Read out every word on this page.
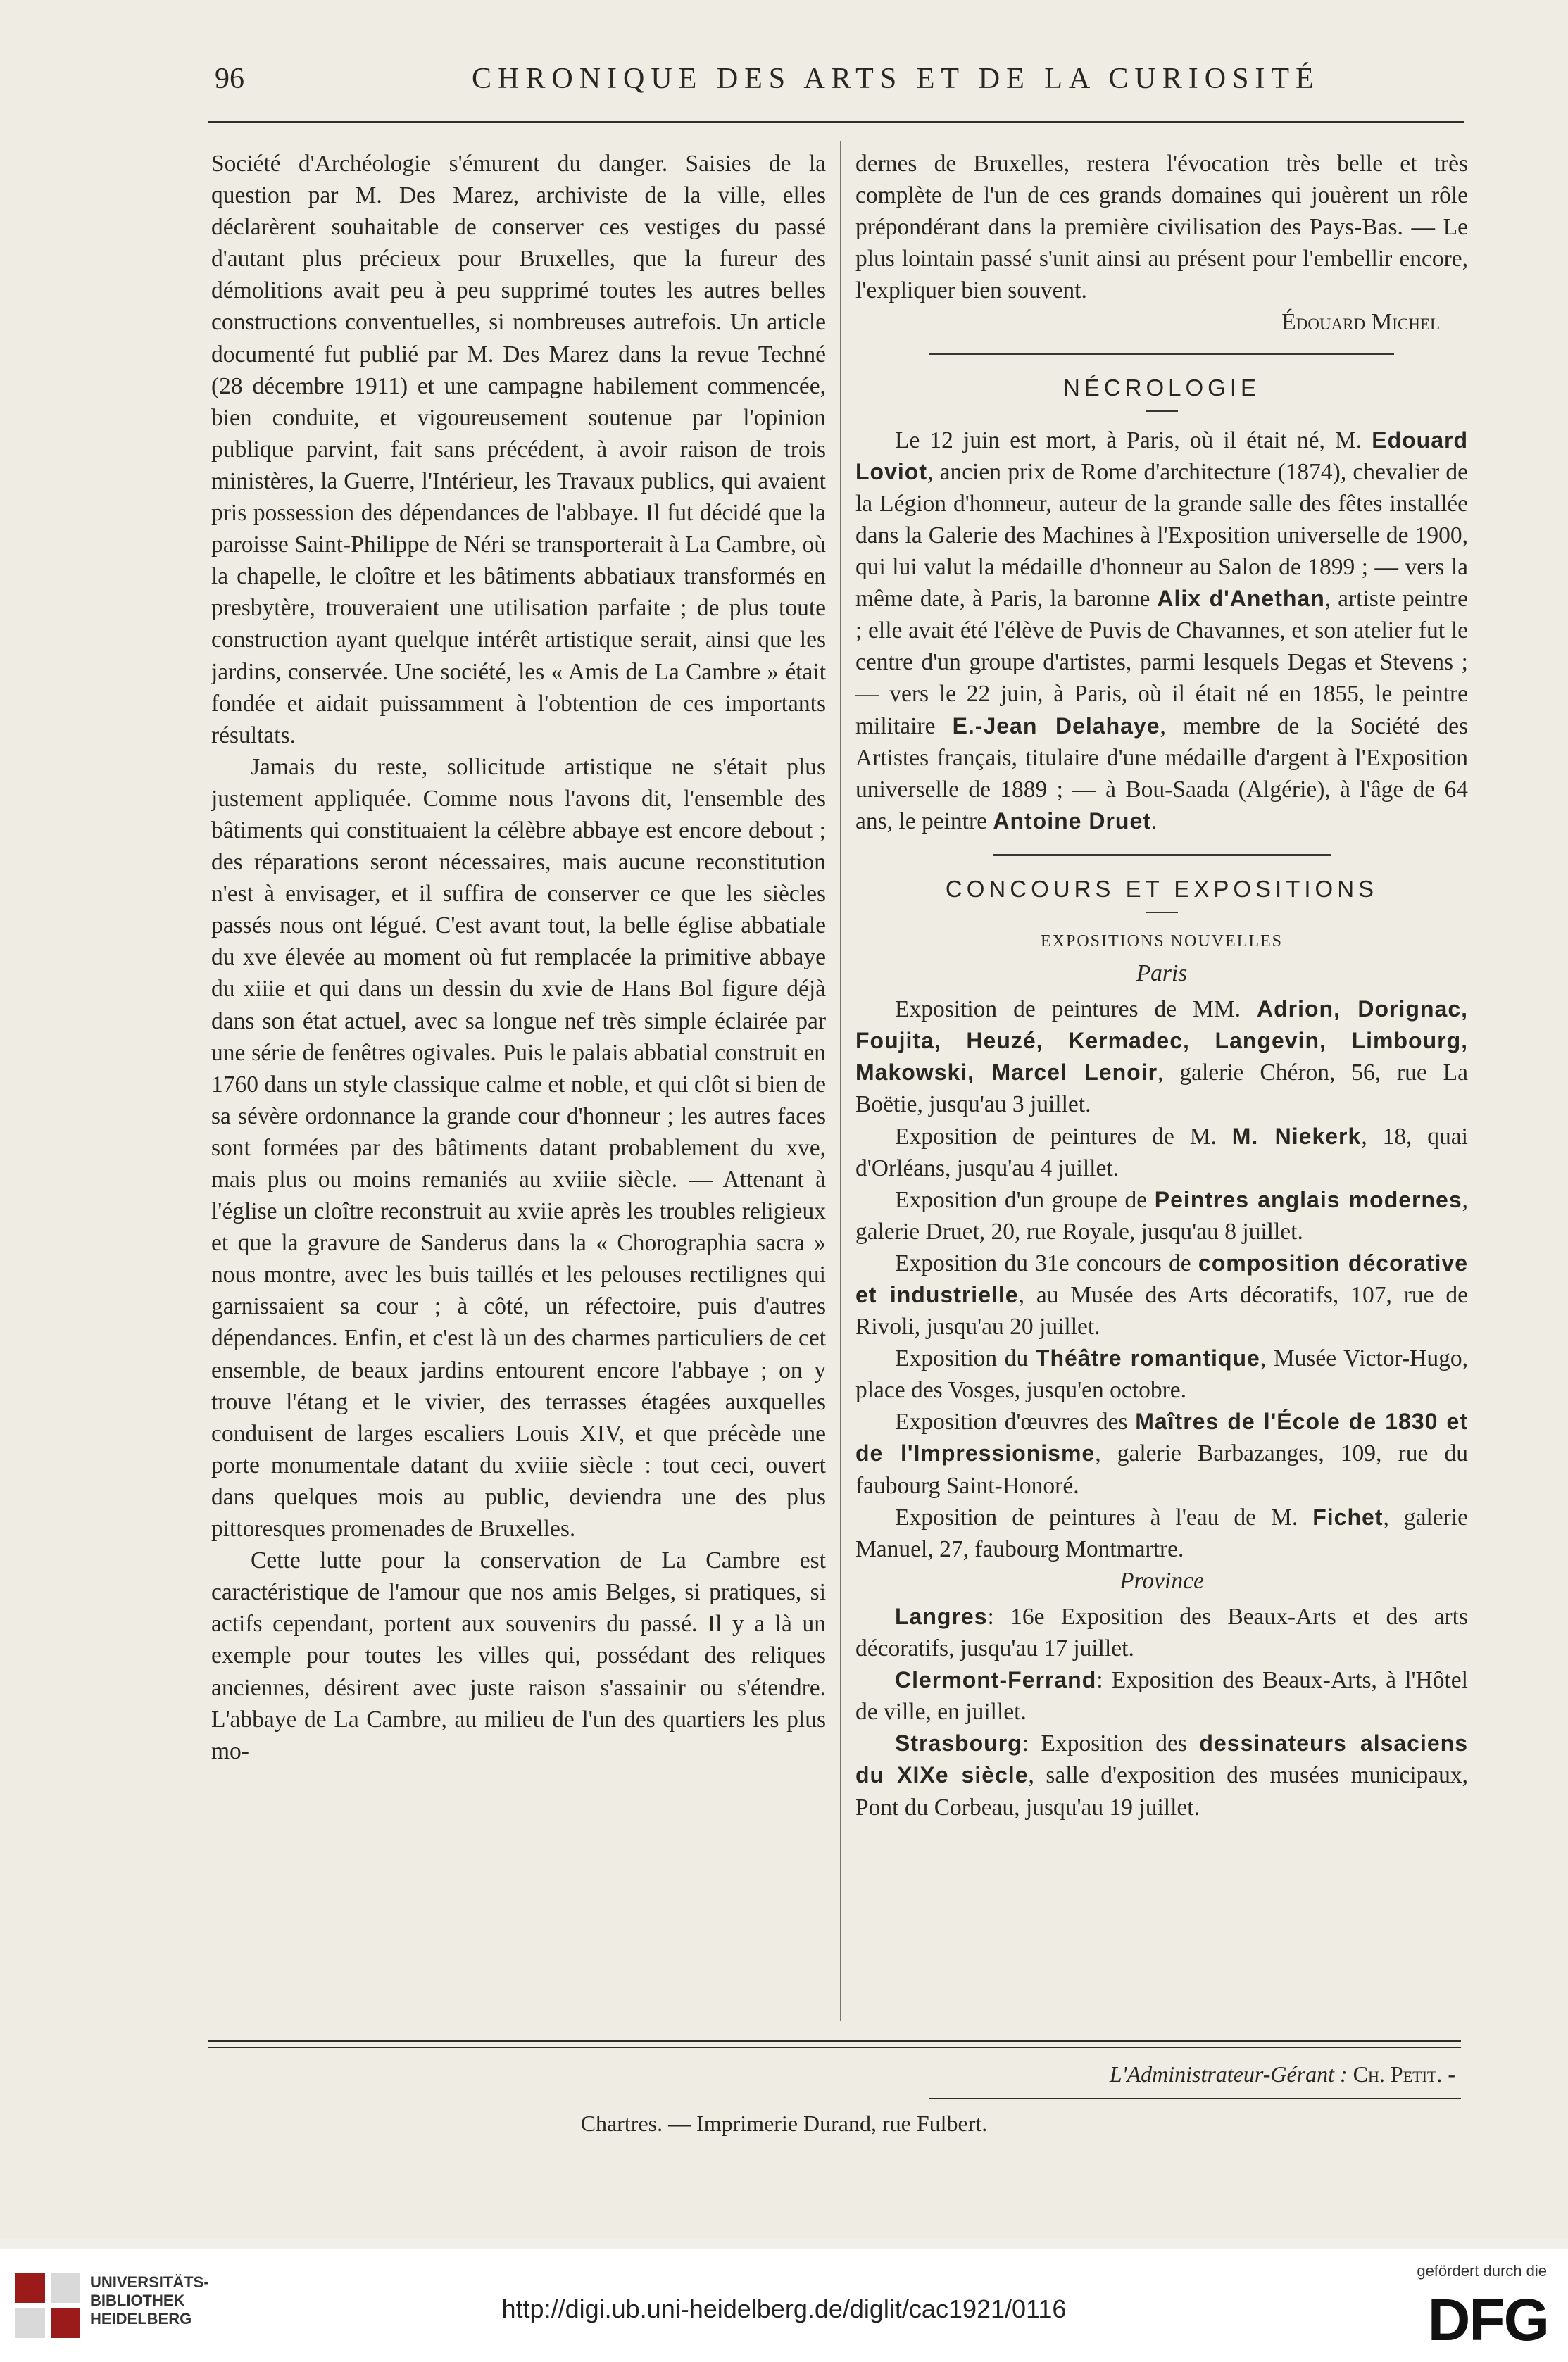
96	CHRONIQUE DES ARTS ET DE LA CURIOSITÉ

Société d'Archéologie s'émurent du danger. Saisies de la question par M. Des Marez, archiviste de la ville, elles déclarèrent souhaitable de conserver ces vestiges du passé d'autant plus précieux pour Bruxelles, que la fureur des démolitions avait peu à peu supprimé toutes les autres belles constructions conventuelles, si nombreuses autrefois. Un article documenté fut publié par M. Des Marez dans la revue Techné (28 décembre 1911) et une campagne habilement commencée, bien conduite, et vigoureusement soutenue par l'opinion publique parvint, fait sans précédent, à avoir raison de trois ministères, la Guerre, l'Intérieur, les Travaux publics, qui avaient pris possession des dépendances de l'abbaye. Il fut décidé que la paroisse Saint-Philippe de Néri se transporterait à La Cambre, où la chapelle, le cloître et les bâtiments abbatiaux transformés en presbytère, trouveraient une utilisation parfaite ; de plus toute construction ayant quelque intérêt artistique serait, ainsi que les jardins, conservée. Une société, les « Amis de La Cambre » était fondée et aidait puissamment à l'obtention de ces importants résultats.

Jamais du reste, sollicitude artistique ne s'était plus justement appliquée. Comme nous l'avons dit, l'ensemble des bâtiments qui constituaient la célèbre abbaye est encore debout ; des réparations seront nécessaires, mais aucune reconstitution n'est à envisager, et il suffira de conserver ce que les siècles passés nous ont légué. C'est avant tout, la belle église abbatiale du xve élevée au moment où fut remplacée la primitive abbaye du xiiie et qui dans un dessin du xvie de Hans Bol figure déjà dans son état actuel, avec sa longue nef très simple éclairée par une série de fenêtres ogivales. Puis le palais abbatial construit en 1760 dans un style classique calme et noble, et qui clôt si bien de sa sévère ordonnance la grande cour d'honneur ; les autres faces sont formées par des bâtiments datant probablement du xve, mais plus ou moins remaniés au xviiie siècle. — Attenant à l'église un cloître reconstruit au xviie après les troubles religieux et que la gravure de Sanderus dans la « Chorographia sacra » nous montre, avec les buis taillés et les pelouses rectilignes qui garnissaient sa cour ; à côté, un réfectoire, puis d'autres dépendances. Enfin, et c'est là un des charmes particuliers de cet ensemble, de beaux jardins entourent encore l'abbaye ; on y trouve l'étang et le vivier, des terrasses étagées auxquelles conduisent de larges escaliers Louis XIV, et que précède une porte monumentale datant du xviiie siècle : tout ceci, ouvert dans quelques mois au public, deviendra une des plus pittoresques promenades de Bruxelles.

Cette lutte pour la conservation de La Cambre est caractéristique de l'amour que nos amis Belges, si pratiques, si actifs cependant, portent aux souvenirs du passé. Il y a là un exemple pour toutes les villes qui, possédant des reliques anciennes, désirent avec juste raison s'assainir ou s'étendre. L'abbaye de La Cambre, au milieu de l'un des quartiers les plus mo-

dernes de Bruxelles, restera l'évocation très belle et très complète de l'un de ces grands domaines qui jouèrent un rôle prépondérant dans la première civilisation des Pays-Bas. — Le plus lointain passé s'unit ainsi au présent pour l'embellir encore, l'expliquer bien souvent.

Édouard Michel

NÉCROLOGIE

Le 12 juin est mort, à Paris, où il était né, M. Edouard Loviot, ancien prix de Rome d'architecture (1874), chevalier de la Légion d'honneur, auteur de la grande salle des fêtes installée dans la Galerie des Machines à l'Exposition universelle de 1900, qui lui valut la médaille d'honneur au Salon de 1899 ; — vers la même date, à Paris, la baronne Alix d'Anethan, artiste peintre ; elle avait été l'élève de Puvis de Chavannes, et son atelier fut le centre d'un groupe d'artistes, parmi lesquels Degas et Stevens ; — vers le 22 juin, à Paris, où il était né en 1855, le peintre militaire E.-Jean Delahaye, membre de la Société des Artistes français, titulaire d'une médaille d'argent à l'Exposition universelle de 1889 ; — à Bou-Saada (Algérie), à l'âge de 64 ans, le peintre Antoine Druet.

CONCOURS ET EXPOSITIONS
EXPOSITIONS NOUVELLES
Paris

Exposition de peintures de MM. Adrion, Dorignac, Foujita, Heuzé, Kermadec, Langevin, Limbourg, Makowski, Marcel Lenoir, galerie Chéron, 56, rue La Boëtie, jusqu'au 3 juillet.

Exposition de peintures de M. M. Niekerk, 18, quai d'Orléans, jusqu'au 4 juillet.

Exposition d'un groupe de Peintres anglais modernes, galerie Druet, 20, rue Royale, jusqu'au 8 juillet.

Exposition du 31e concours de composition décorative et industrielle, au Musée des Arts décoratifs, 107, rue de Rivoli, jusqu'au 20 juillet.

Exposition du Théâtre romantique, Musée Victor-Hugo, place des Vosges, jusqu'en octobre.

Exposition d'œuvres des Maîtres de l'École de 1830 et de l'Impressionisme, galerie Barbazanges, 109, rue du faubourg Saint-Honoré.

Exposition de peintures à l'eau de M. Fichet, galerie Manuel, 27, faubourg Montmartre.

Province

Langres: 16e Exposition des Beaux-Arts et des arts décoratifs, jusqu'au 17 juillet.

Clermont-Ferrand: Exposition des Beaux-Arts, à l'Hôtel de ville, en juillet.

Strasbourg: Exposition des dessinateurs alsaciens du XIXe siècle, salle d'exposition des musées municipaux, Pont du Corbeau, jusqu'au 19 juillet.

L'Administrateur-Gérant : Ch. Petit. -
Chartres. — Imprimerie Durand, rue Fulbert.
UNIVERSITÄTS-
BIBLIOTHEK
HEIDELBERG	http://digi.ub.uni-heidelberg.de/diglit/cac1921/0116
gefördert durch die
DFG
